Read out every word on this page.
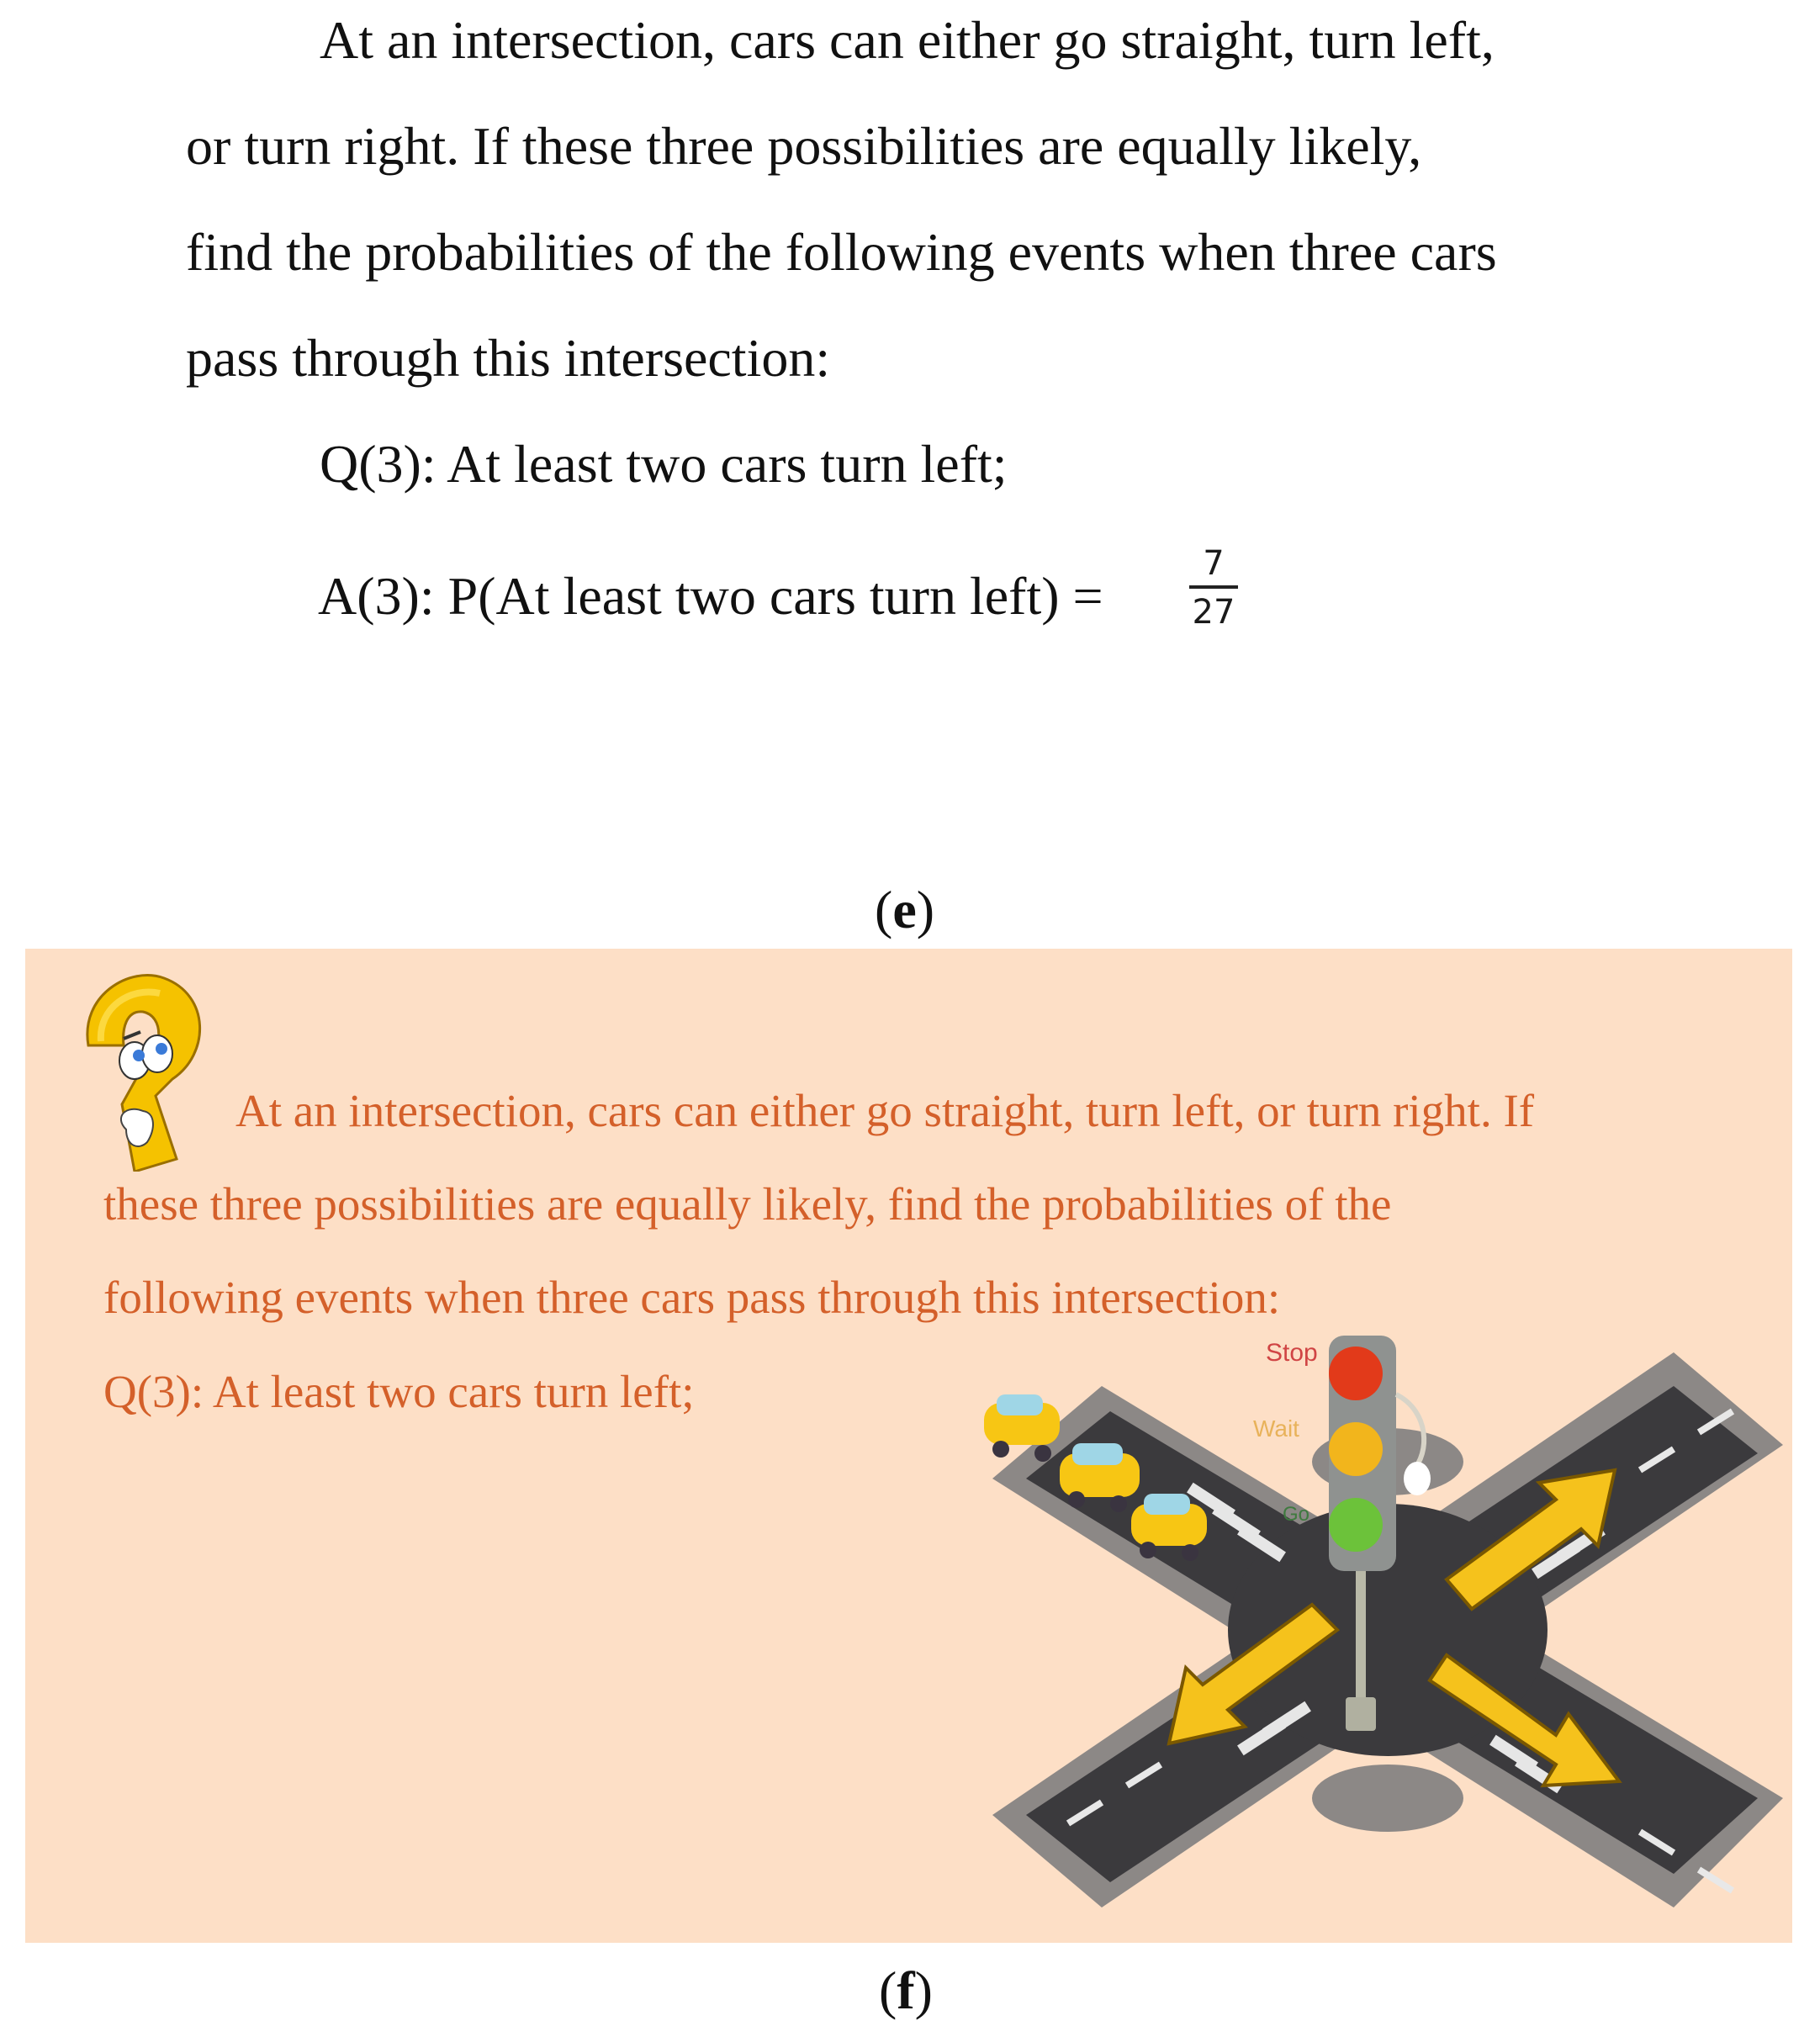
At an intersection, cars can either go straight, turn left,
or turn right. If these three possibilities are equally likely,
find the probabilities of the following events when three cars
pass through this intersection:
Q(3): At least two cars turn left;
A(3): P(At least two cars turn left) =
7
27
(e)
At an intersection, cars can either go straight, turn left, or turn right. If
these three possibilities are equally likely, find the probabilities of the
following events when three cars pass through this intersection:
Q(3): At least two cars turn left;
Stop
Wait
Go
(f)
